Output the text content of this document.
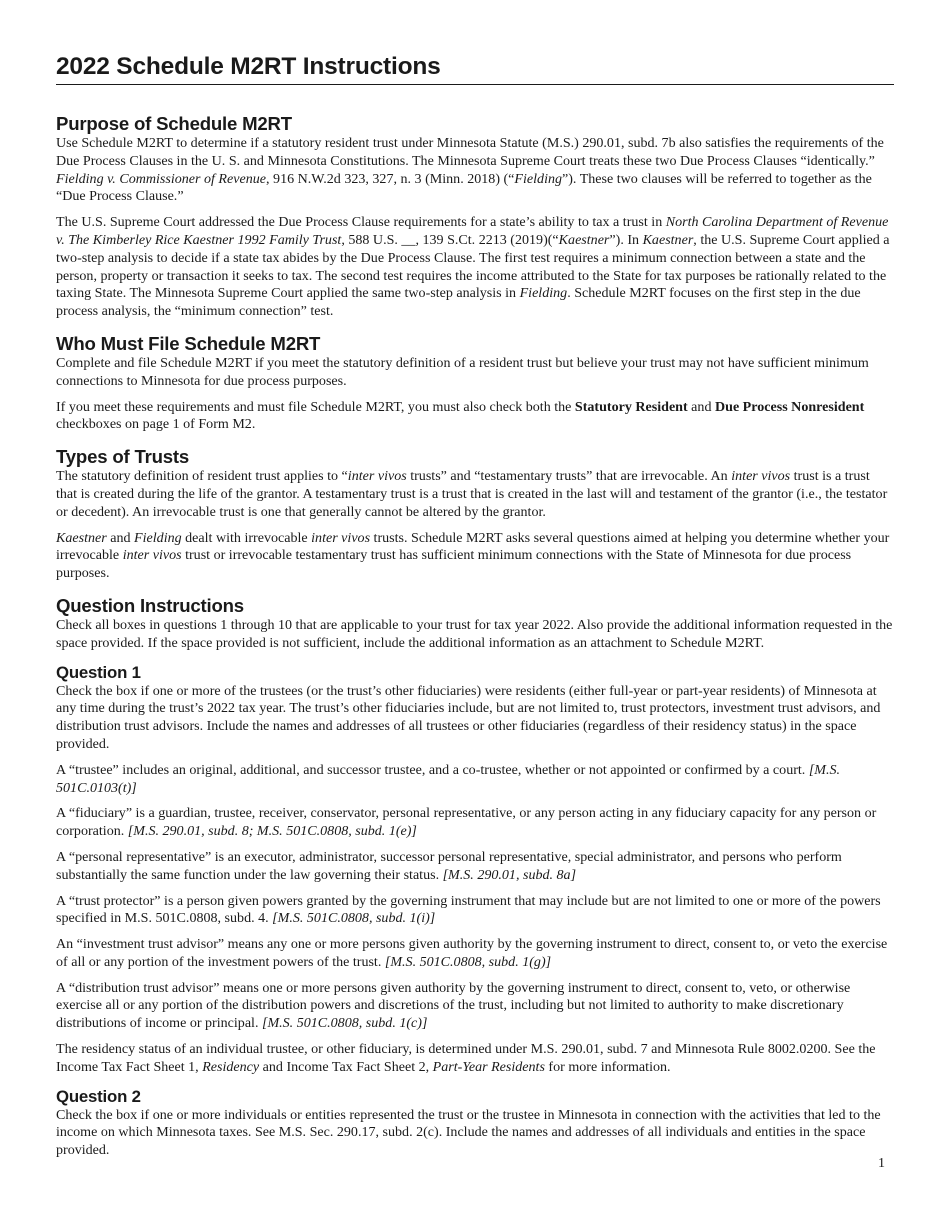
2022 Schedule M2RT Instructions
Purpose of Schedule M2RT

Use Schedule M2RT to determine if a statutory resident trust under Minnesota Statute (M.S.) 290.01, subd. 7b also satisfies the requirements of the Due Process Clauses in the U. S. and Minnesota Constitutions. The Minnesota Supreme Court treats these two Due Process Clauses “identically.” Fielding v. Commissioner of Revenue, 916 N.W.2d 323, 327, n. 3 (Minn. 2018) (“Fielding”). These two clauses will be referred to together as the “Due Process Clause.”

The U.S. Supreme Court addressed the Due Process Clause requirements for a state’s ability to tax a trust in North Carolina Department of Revenue v. The Kimberley Rice Kaestner 1992 Family Trust, 588 U.S. __, 139 S.Ct. 2213 (2019)(“Kaestner”). In Kaestner, the U.S. Supreme Court applied a two-step analysis to decide if a state tax abides by the Due Process Clause. The first test requires a minimum connection between a state and the person, property or transaction it seeks to tax. The second test requires the income attributed to the State for tax purposes be rationally related to the taxing State. The Minnesota Supreme Court applied the same two-step analysis in Fielding. Schedule M2RT focuses on the first step in the due process analysis, the “minimum connection” test.

Who Must File Schedule M2RT

Complete and file Schedule M2RT if you meet the statutory definition of a resident trust but believe your trust may not have sufficient minimum connections to Minnesota for due process purposes.

If you meet these requirements and must file Schedule M2RT, you must also check both the Statutory Resident and Due Process Nonresident checkboxes on page 1 of Form M2.

Types of Trusts

The statutory definition of resident trust applies to “inter vivos trusts” and “testamentary trusts” that are irrevocable. An inter vivos trust is a trust that is created during the life of the grantor. A testamentary trust is a trust that is created in the last will and testament of the grantor (i.e., the testator or decedent). An irrevocable trust is one that generally cannot be altered by the grantor.

Kaestner and Fielding dealt with irrevocable inter vivos trusts. Schedule M2RT asks several questions aimed at helping you determine whether your irrevocable inter vivos trust or irrevocable testamentary trust has sufficient minimum connections with the State of Minnesota for due process purposes.

Question Instructions

Check all boxes in questions 1 through 10 that are applicable to your trust for tax year 2022. Also provide the additional information requested in the space provided. If the space provided is not sufficient, include the additional information as an attachment to Schedule M2RT.

Question 1

Check the box if one or more of the trustees (or the trust’s other fiduciaries) were residents (either full-year or part-year residents) of Minnesota at any time during the trust’s 2022 tax year. The trust’s other fiduciaries include, but are not limited to, trust protectors, investment trust advisors, and distribution trust advisors. Include the names and addresses of all trustees or other fiduciaries (regardless of their residency status) in the space provided.

A “trustee” includes an original, additional, and successor trustee, and a co-trustee, whether or not appointed or confirmed by a court. [M.S. 501C.0103(t)]

A “fiduciary” is a guardian, trustee, receiver, conservator, personal representative, or any person acting in any fiduciary capacity for any person or corporation. [M.S. 290.01, subd. 8; M.S. 501C.0808, subd. 1(e)]

A “personal representative” is an executor, administrator, successor personal representative, special administrator, and persons who perform substantially the same function under the law governing their status. [M.S. 290.01, subd. 8a]

A “trust protector” is a person given powers granted by the governing instrument that may include but are not limited to one or more of the powers specified in M.S. 501C.0808, subd. 4. [M.S. 501C.0808, subd. 1(i)]

An “investment trust advisor” means any one or more persons given authority by the governing instrument to direct, consent to, or veto the exercise of all or any portion of the investment powers of the trust. [M.S. 501C.0808, subd. 1(g)]

A “distribution trust advisor” means one or more persons given authority by the governing instrument to direct, consent to, veto, or otherwise exercise all or any portion of the distribution powers and discretions of the trust, including but not limited to authority to make discretionary distributions of income or principal. [M.S. 501C.0808, subd. 1(c)]

The residency status of an individual trustee, or other fiduciary, is determined under M.S. 290.01, subd. 7 and Minnesota Rule 8002.0200. See the Income Tax Fact Sheet 1, Residency and Income Tax Fact Sheet 2, Part-Year Residents for more information.

Question 2

Check the box if one or more individuals or entities represented the trust or the trustee in Minnesota in connection with the activities that led to the income on which Minnesota taxes. See M.S. Sec. 290.17, subd. 2(c). Include the names and addresses of all individuals and entities in the space provided.

1
